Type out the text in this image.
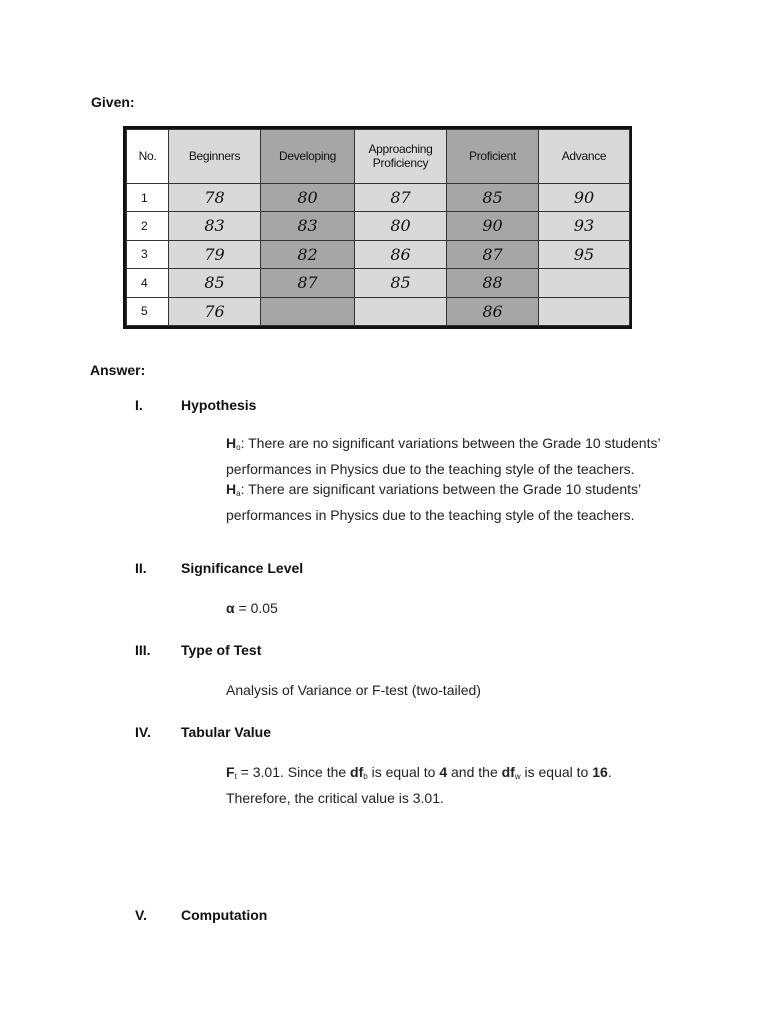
Given:
No.	Beginners	Developing	Approaching Proficiency	Proficient	Advance
1	78	80	87	85	90
2	83	83	80	90	93
3	79	82	86	87	95
4	85	87	85	88	
5	76			86	
Answer:
I.	Hypothesis
$H_o$: There are no significant variations between the Grade 10 students’ performances in Physics due to the teaching style of the teachers.
$H_a$: There are significant variations between the Grade 10 students’ performances in Physics due to the teaching style of the teachers.
II. Significance Level
α = 0.05
III. Type of Test
Analysis of Variance or F-test (two-tailed)
IV. Tabular Value
$F_t = 3.01$. Since the $df_b$ is equal to 4 and the $df_w$ is equal to 16.
Therefore, the critical value is 3.01.
V. Computation
